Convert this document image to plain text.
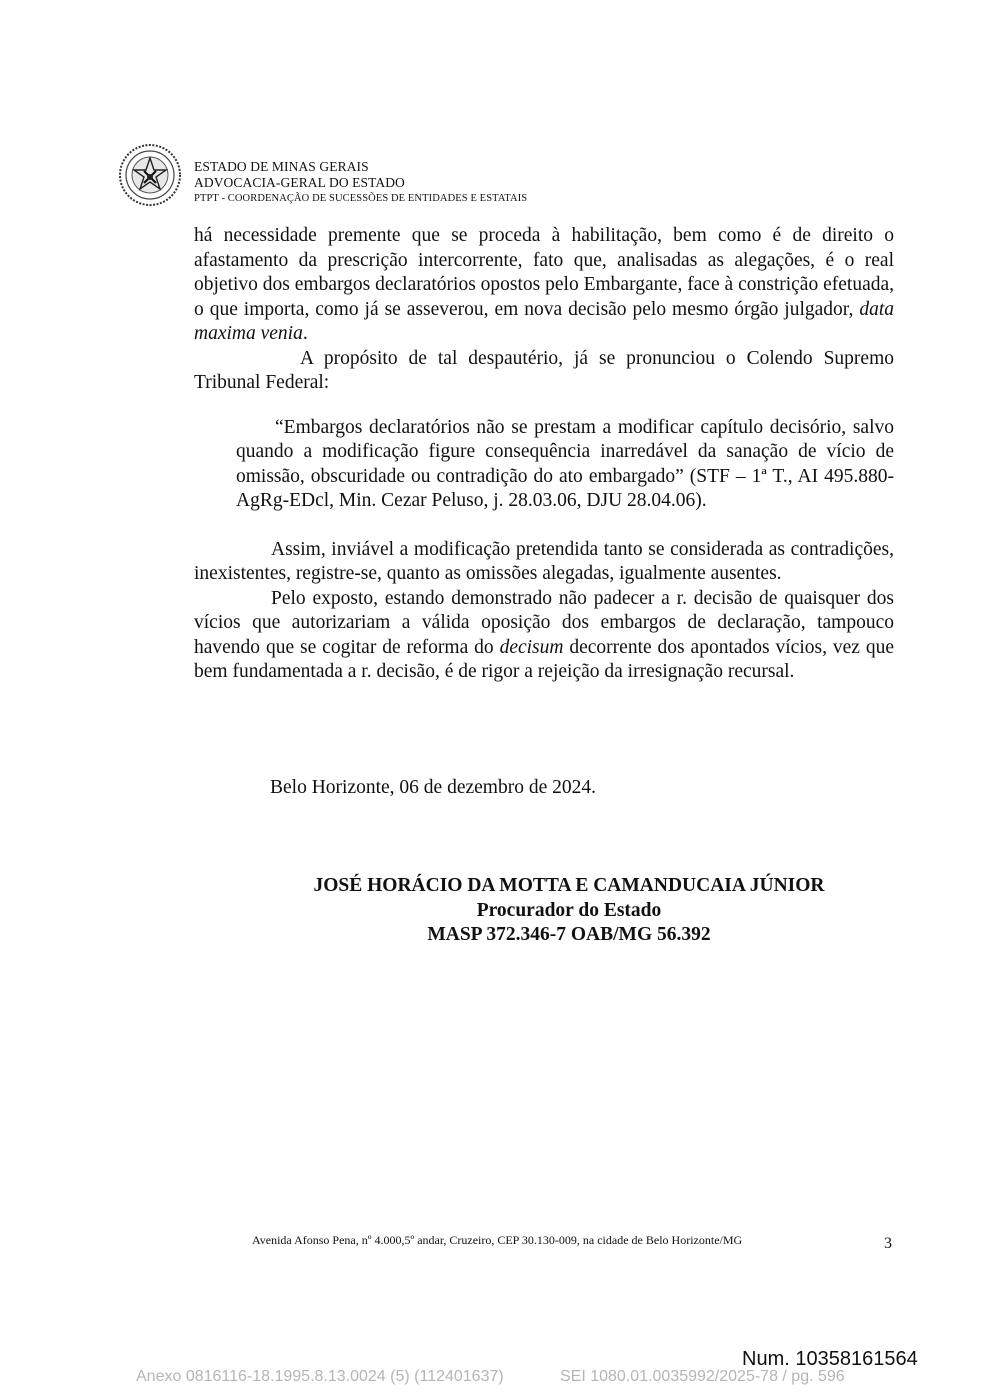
ESTADO DE MINAS GERAIS
ADVOCACIA-GERAL DO ESTADO
PTPT - COORDENAÇÃO DE SUCESSÕES DE ENTIDADES E ESTATAIS

há necessidade premente que se proceda à habilitação, bem como é de direito o afastamento da prescrição intercorrente, fato que, analisadas as alegações, é o real objetivo dos embargos declaratórios opostos pelo Embargante, face à constrição efetuada, o que importa, como já se asseverou, em nova decisão pelo mesmo órgão julgador, data maxima venia.

A propósito de tal despautério, já se pronunciou o Colendo Supremo Tribunal Federal:

“Embargos declaratórios não se prestam a modificar capítulo decisório, salvo quando a modificação figure consequência inarredável da sanação de vício de omissão, obscuridade ou contradição do ato embargado” (STF – 1ª T., AI 495.880-AgRg-EDcl, Min. Cezar Peluso, j. 28.03.06, DJU 28.04.06).

Assim, inviável a modificação pretendida tanto se considerada as contradições, inexistentes, registre-se, quanto as omissões alegadas, igualmente ausentes.

Pelo exposto, estando demonstrado não padecer a r. decisão de quaisquer dos vícios que autorizariam a válida oposição dos embargos de declaração, tampouco havendo que se cogitar de reforma do decisum decorrente dos apontados vícios, vez que bem fundamentada a r. decisão, é de rigor a rejeição da irresignação recursal.

Belo Horizonte, 06 de dezembro de 2024.
JOSÉ HORÁCIO DA MOTTA E CAMANDUCAIA JÚNIOR
Procurador do Estado
MASP 372.346-7 OAB/MG 56.392
Avenida Afonso Pena, nº 4.000,5º andar, Cruzeiro, CEP 30.130-009, na cidade de Belo Horizonte/MG	3
Num. 10358161564
Anexo 0816116-18.1995.8.13.0024 (5) (112401637)	SEI 1080.01.0035992/2025-78 / pg. 596
